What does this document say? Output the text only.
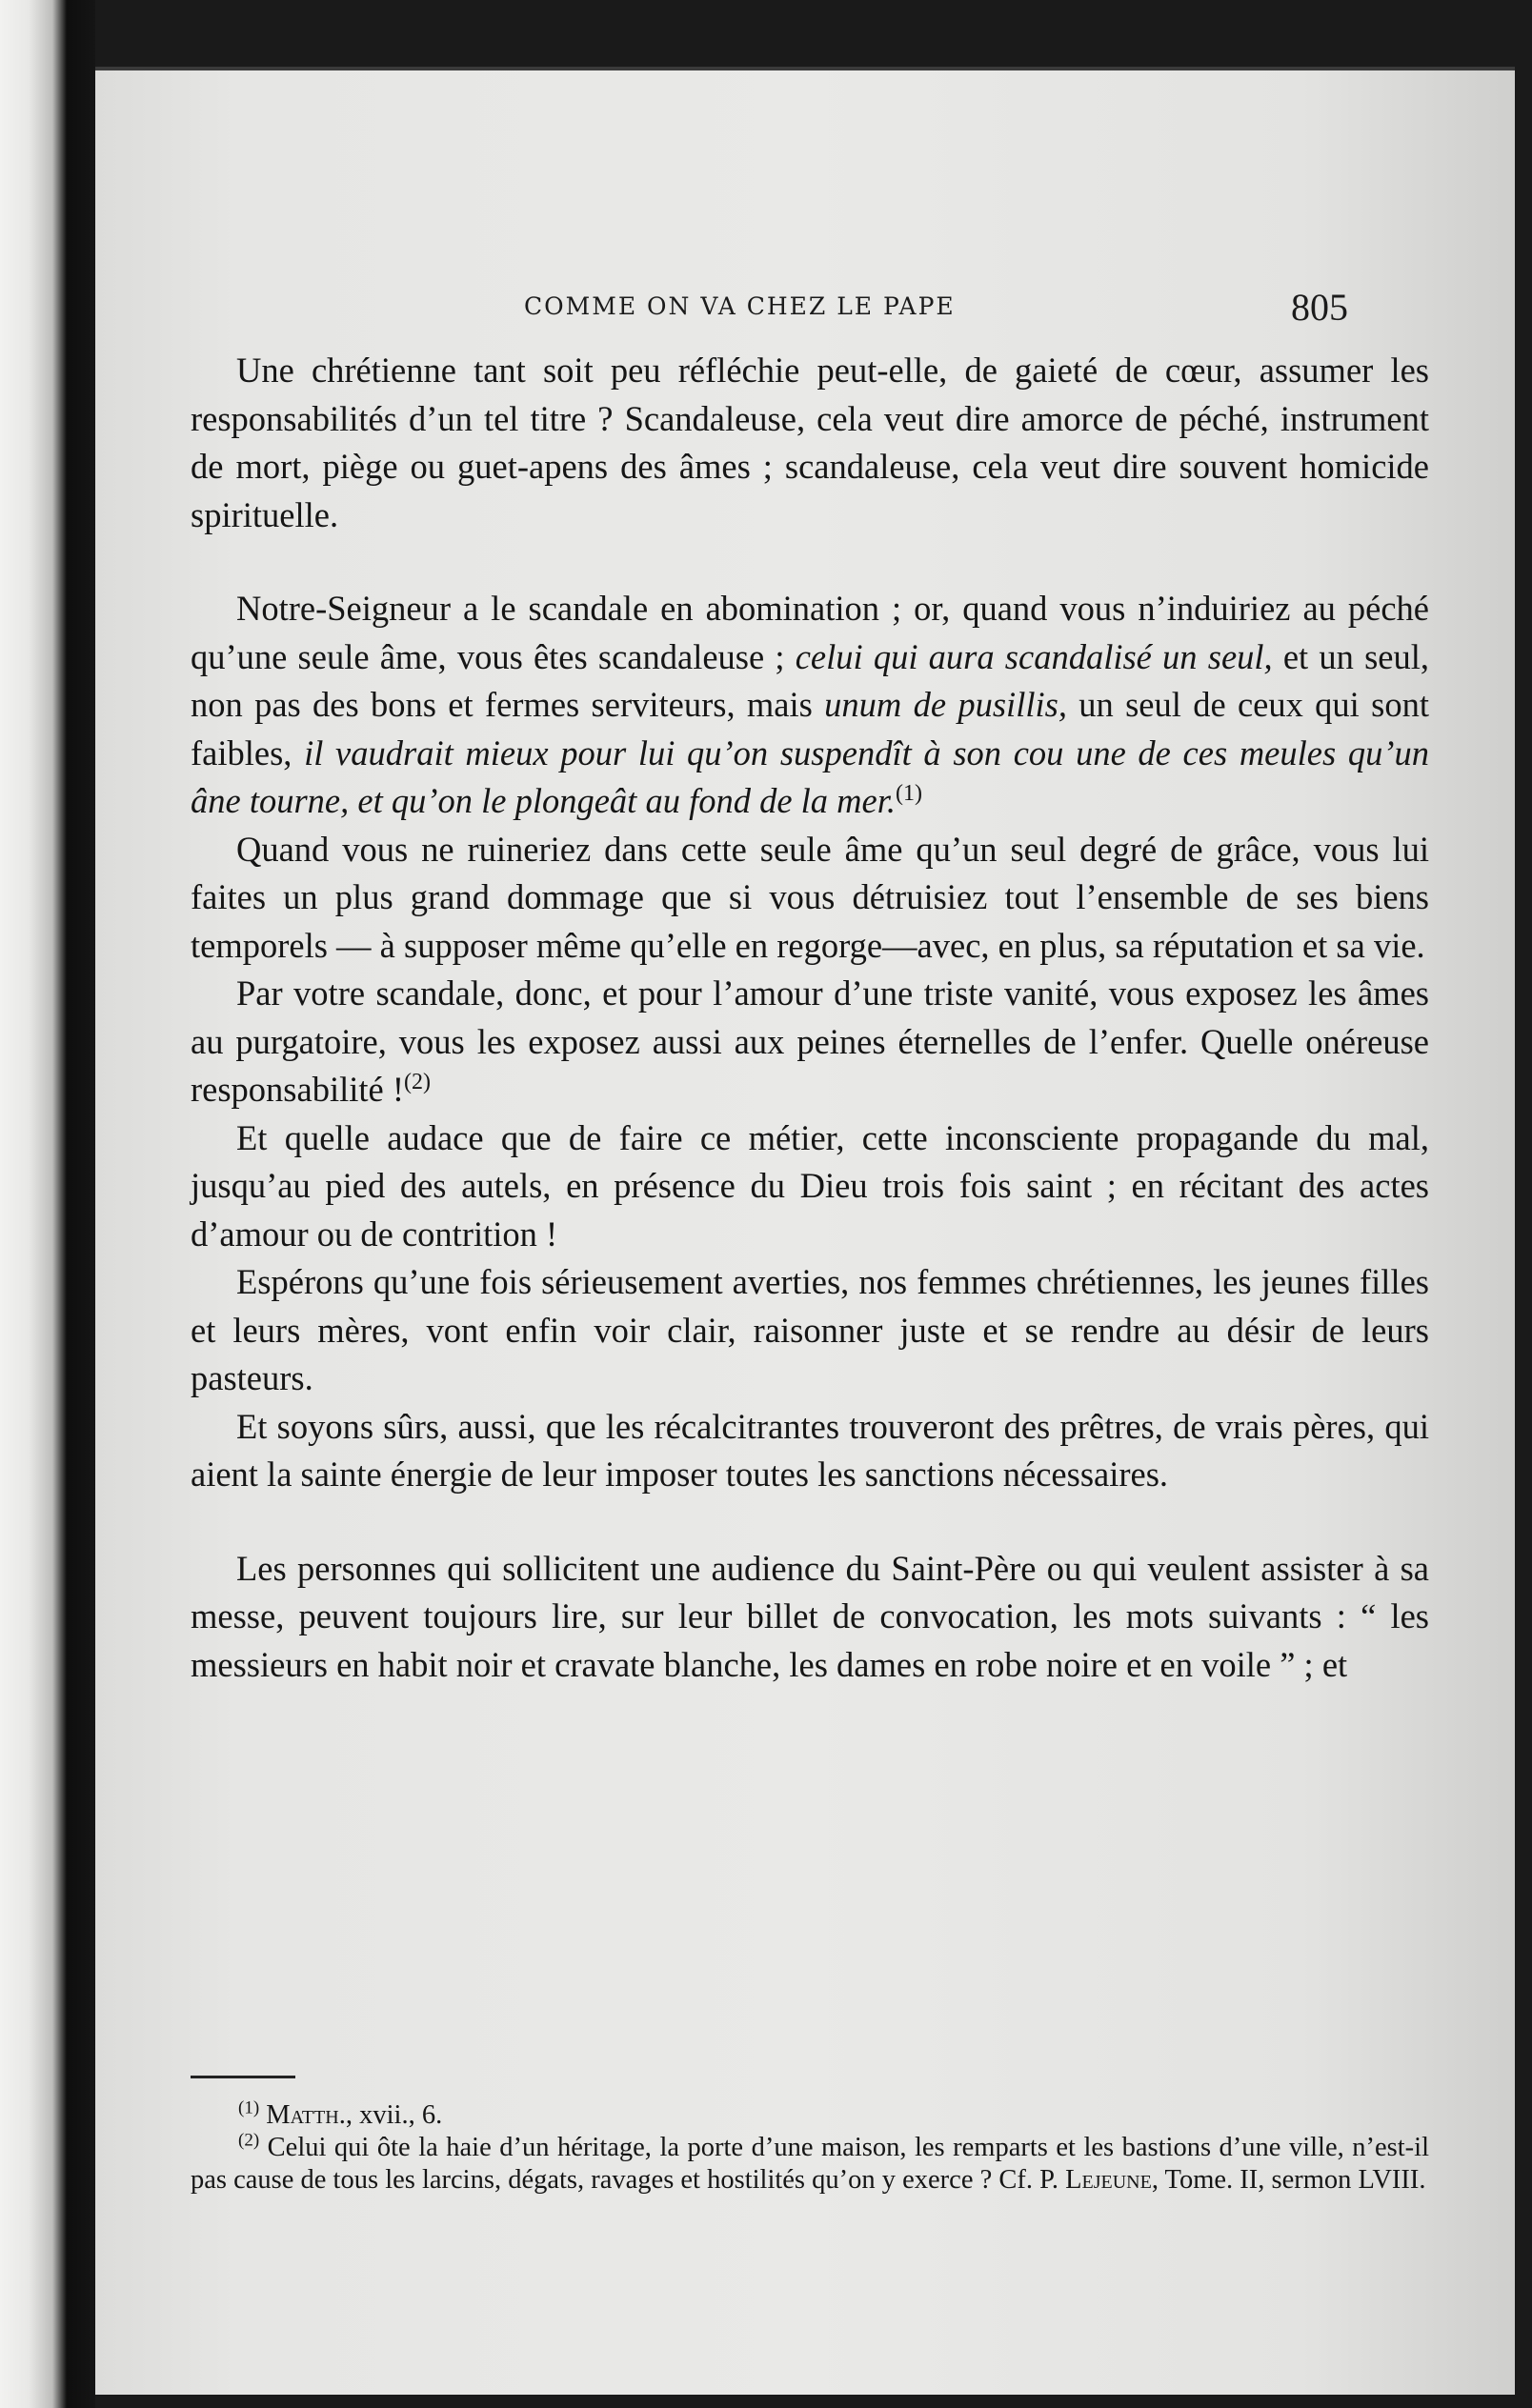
COMME ON VA CHEZ LE PAPE	805

Une chrétienne tant soit peu réfléchie peut-elle, de gaieté de cœur, assumer les responsabilités d’un tel titre ? Scandaleuse, cela veut dire amorce de péché, instrument de mort, piège ou guet-apens des âmes ; scandaleuse, cela veut dire souvent homicide spirituelle.

Notre-Seigneur a le scandale en abomination ; or, quand vous n’induiriez au péché qu’une seule âme, vous êtes scandaleuse ; celui qui aura scandalisé un seul, et un seul, non pas des bons et fermes serviteurs, mais unum de pusillis, un seul de ceux qui sont faibles, il vaudrait mieux pour lui qu’on suspendît à son cou une de ces meules qu’un âne tourne, et qu’on le plongeât au fond de la mer.$^{(1)}$

Quand vous ne ruineriez dans cette seule âme qu’un seul degré de grâce, vous lui faites un plus grand dommage que si vous détruisiez tout l’ensemble de ses biens temporels — à supposer même qu’elle en regorge—avec, en plus, sa réputation et sa vie.

Par votre scandale, donc, et pour l’amour d’une triste vanité, vous exposez les âmes au purgatoire, vous les exposez aussi aux peines éternelles de l’enfer. Quelle onéreuse responsabilité !$^{(2)}$

Et quelle audace que de faire ce métier, cette inconsciente propagande du mal, jusqu’au pied des autels, en présence du Dieu trois fois saint ; en récitant des actes d’amour ou de contrition !

Espérons qu’une fois sérieusement averties, nos femmes chrétiennes, les jeunes filles et leurs mères, vont enfin voir clair, raisonner juste et se rendre au désir de leurs pasteurs.

Et soyons sûrs, aussi, que les récalcitrantes trouveront des prêtres, de vrais pères, qui aient la sainte énergie de leur imposer toutes les sanctions nécessaires.

Les personnes qui sollicitent une audience du Saint-Père ou qui veulent assister à sa messe, peuvent toujours lire, sur leur billet de convocation, les mots suivants : “ les messieurs en habit noir et cravate blanche, les dames en robe noire et en voile ” ; et

$^{(1)}$ Matth., xvii., 6.

$^{(2)}$ Celui qui ôte la haie d’un héritage, la porte d’une maison, les remparts et les bastions d’une ville, n’est-il pas cause de tous les larcins, dégats, ravages et hostilités qu’on y exerce ? Cf. P. Lejeune, Tome. II, sermon LVIII.
